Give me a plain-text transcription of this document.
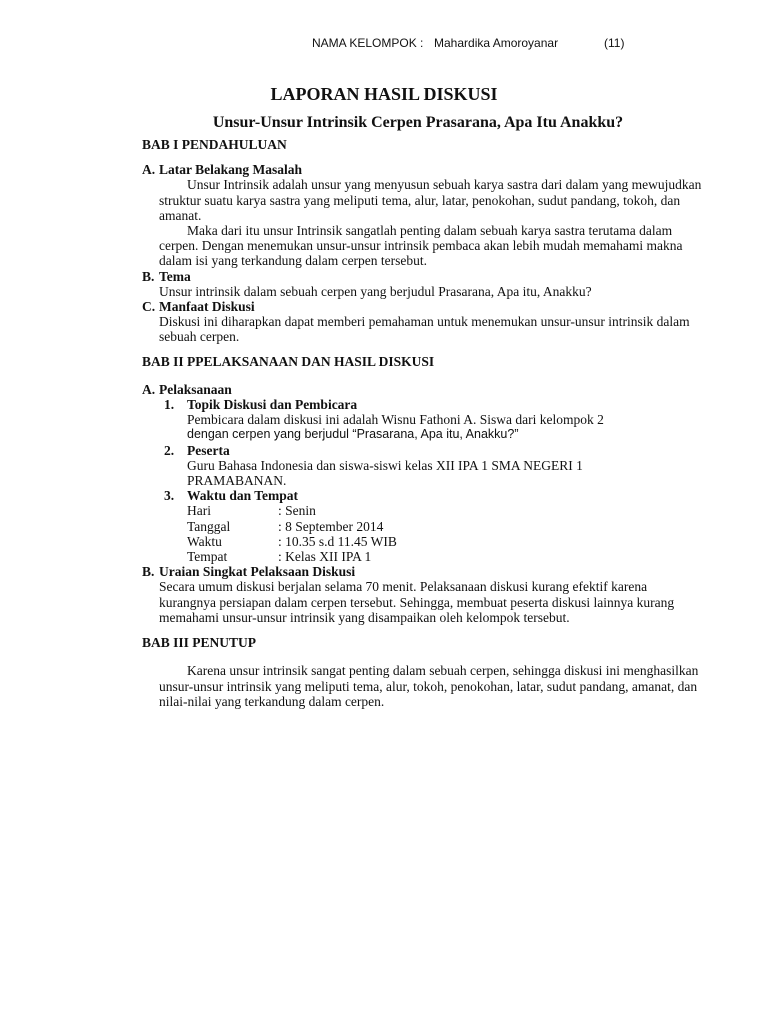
NAMA KELOMPOK : Mahardika Amoroyanar	(11)
LAPORAN HASIL DISKUSI
Unsur-Unsur Intrinsik Cerpen Prasarana, Apa Itu Anakku?
BAB I PENDAHULUAN
A. Latar Belakang Masalah

Unsur Intrinsik adalah unsur yang menyusun sebuah karya sastra dari dalam yang mewujudkan struktur suatu karya sastra yang meliputi tema, alur, latar, penokohan, sudut pandang, tokoh, dan amanat.

Maka dari itu unsur Intrinsik sangatlah penting dalam sebuah karya sastra terutama dalam cerpen. Dengan menemukan unsur-unsur intrinsik pembaca akan lebih mudah memahami makna dalam isi yang terkandung dalam cerpen tersebut.

B. Tema

Unsur intrinsik dalam sebuah cerpen yang berjudul Prasarana, Apa itu, Anakku?

C. Manfaat Diskusi

Diskusi ini diharapkan dapat memberi pemahaman untuk menemukan unsur-unsur intrinsik dalam sebuah cerpen.

BAB II PPELAKSANAAN DAN HASIL DISKUSI
A. Pelaksanaan
1. Topik Diskusi dan Pembicara

Pembicara dalam diskusi ini adalah Wisnu Fathoni A. Siswa dari kelompok 2

dengan cerpen yang berjudul “Prasarana, Apa itu, Anakku?”

2. Peserta

Guru Bahasa Indonesia dan siswa-siswi kelas XII IPA 1 SMA NEGERI 1 PRAMABANAN.

3. Waktu dan Tempat
Hari	: Senin
Tanggal	: 8 September 2014
Waktu	: 10.35 s.d 11.45 WIB
Tempat	: Kelas XII IPA 1
B. Uraian Singkat Pelaksaan Diskusi

Secara umum diskusi berjalan selama 70 menit. Pelaksanaan diskusi kurang efektif karena kurangnya persiapan dalam cerpen tersebut. Sehingga, membuat peserta diskusi lainnya kurang memahami unsur-unsur intrinsik yang disampaikan oleh kelompok tersebut.

BAB III PENUTUP

Karena unsur intrinsik sangat penting dalam sebuah cerpen, sehingga diskusi ini menghasilkan unsur-unsur intrinsik yang meliputi tema, alur, tokoh, penokohan, latar, sudut pandang, amanat, dan nilai-nilai yang terkandung dalam cerpen.
